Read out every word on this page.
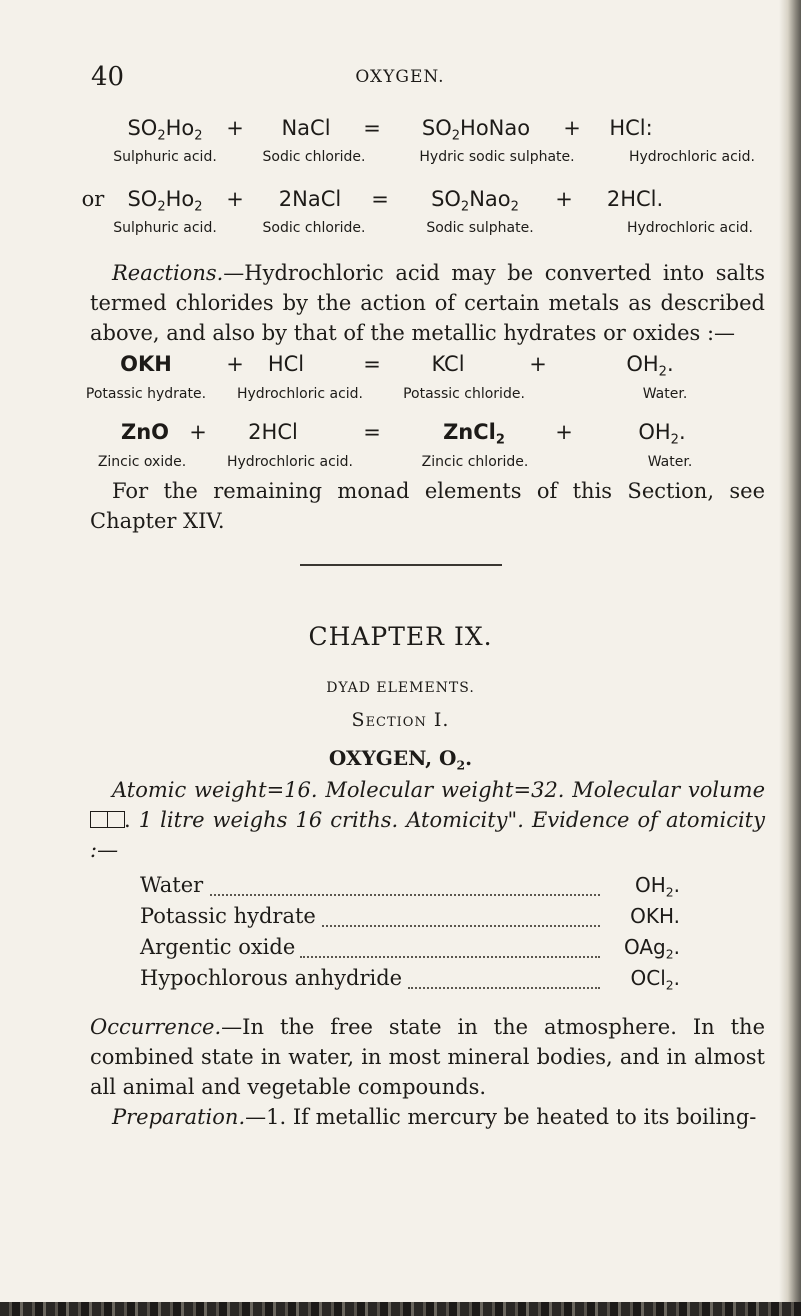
40	OXYGEN.
$SO_2Ho_2$	+	NaCl	=	$SO_2HoNao$	+	HCl:
Sulphuric acid.	Sodic chloride.	Hydric sodic sulphate.	Hydrochloric acid.
or	$SO_2Ho_2$	+	2NaCl	=	$SO_2Nao_2$	+	2HCl.
Sulphuric acid.	Sodic chloride.	Sodic sulphate.	Hydrochloric acid.
Reactions.—Hydrochloric acid may be converted into salts termed chlorides by the action of certain metals as described above, and also by that of the metallic hydrates or oxides :—
OKH	+	HCl	=	KCl	+	$OH_2$.
Potassic hydrate.	Hydrochloric acid.	Potassic chloride.	Water.
ZnO +	2HCl	=	ZnCl$_2$	+	$OH_2$.
Zincic oxide.	Hydrochloric acid.	Zincic chloride.	Water.
For the remaining monad elements of this Section, see Chapter XIV.
CHAPTER IX.
DYAD ELEMENTS.
Section I.
OXYGEN, $O_2$.
Atomic weight=16. Molecular weight=32. Molecular volume . 1 litre weighs 16 criths. Atomicity". Evidence of atomicity :—
Water	$OH_2$.
Potassic hydrate	OKH.
Argentic oxide	OAg$_2$.
Hypochlorous anhydride	OCl$_2$.
Occurrence.—In the free state in the atmosphere. In the combined state in water, in most mineral bodies, and in almost all animal and vegetable compounds.
Preparation.—1. If metallic mercury be heated to its boiling-
